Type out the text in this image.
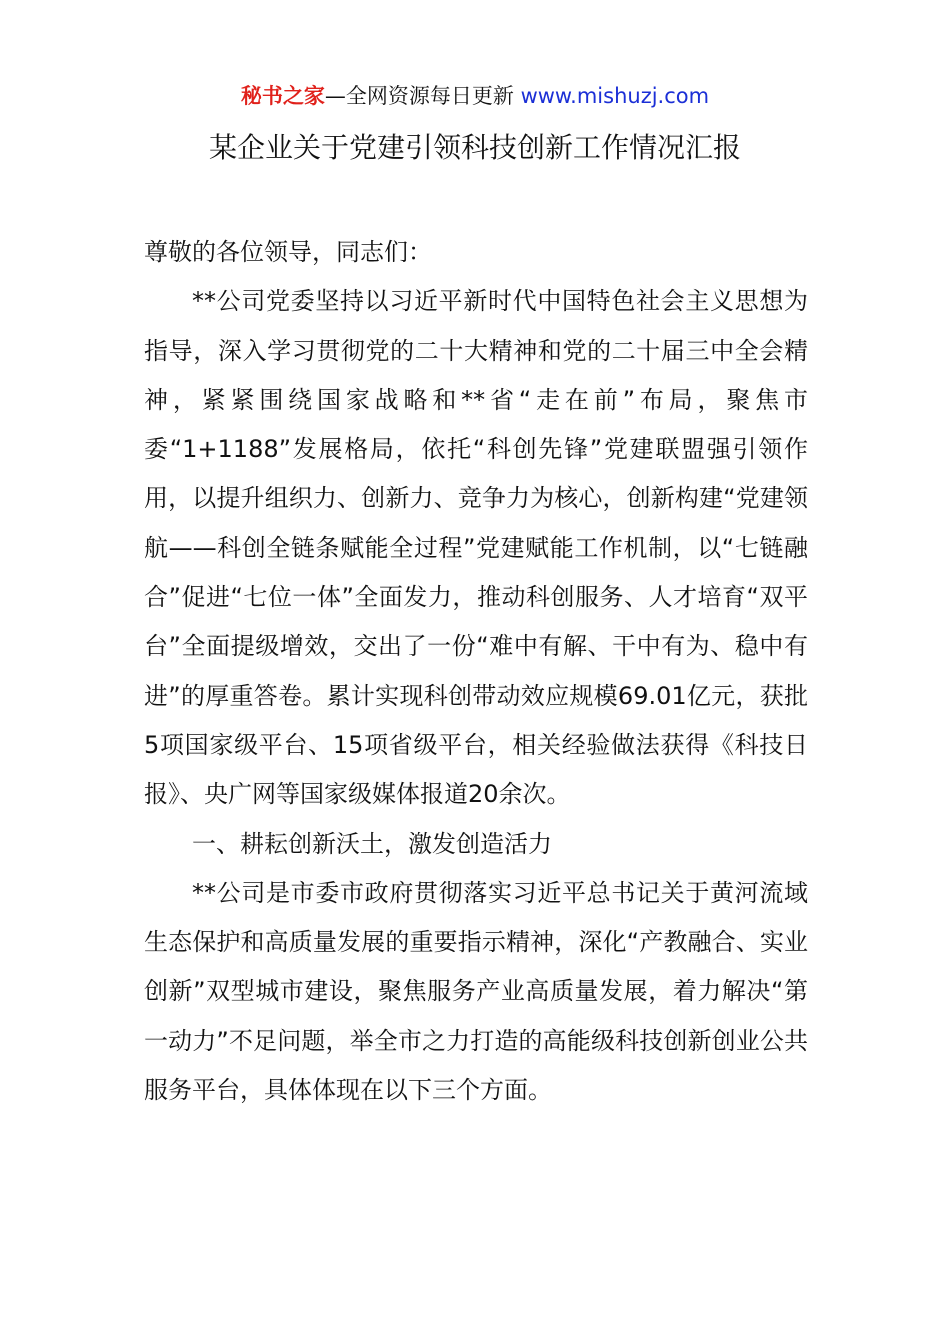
秘书之家—全网资源每日更新 www.mishuzj.com
某企业关于党建引领科技创新工作情况汇报

尊敬的各位领导，同志们：

**公司党委坚持以习近平新时代中国特色社会主义思想为指导，深入学习贯彻党的二十大精神和党的二十届三中全会精神，紧紧围绕国家战略和**省“走在前”布局，聚焦市委“1+1188”发展格局，依托“科创先锋”党建联盟强引领作用，以提升组织力、创新力、竞争力为核心，创新构建“党建领航——科创全链条赋能全过程”党建赋能工作机制，以“七链融合”促进“七位一体”全面发力，推动科创服务、人才培育“双平台”全面提级增效，交出了一份“难中有解、干中有为、稳中有进”的厚重答卷。累计实现科创带动效应规模69.01亿元，获批5项国家级平台、15项省级平台，相关经验做法获得《科技日报》、央广网等国家级媒体报道20余次。

一、耕耘创新沃土，激发创造活力

**公司是市委市政府贯彻落实习近平总书记关于黄河流域生态保护和高质量发展的重要指示精神，深化“产教融合、实业创新”双型城市建设，聚焦服务产业高质量发展，着力解决“第一动力”不足问题，举全市之力打造的高能级科技创新创业公共服务平台，具体体现在以下三个方面。
